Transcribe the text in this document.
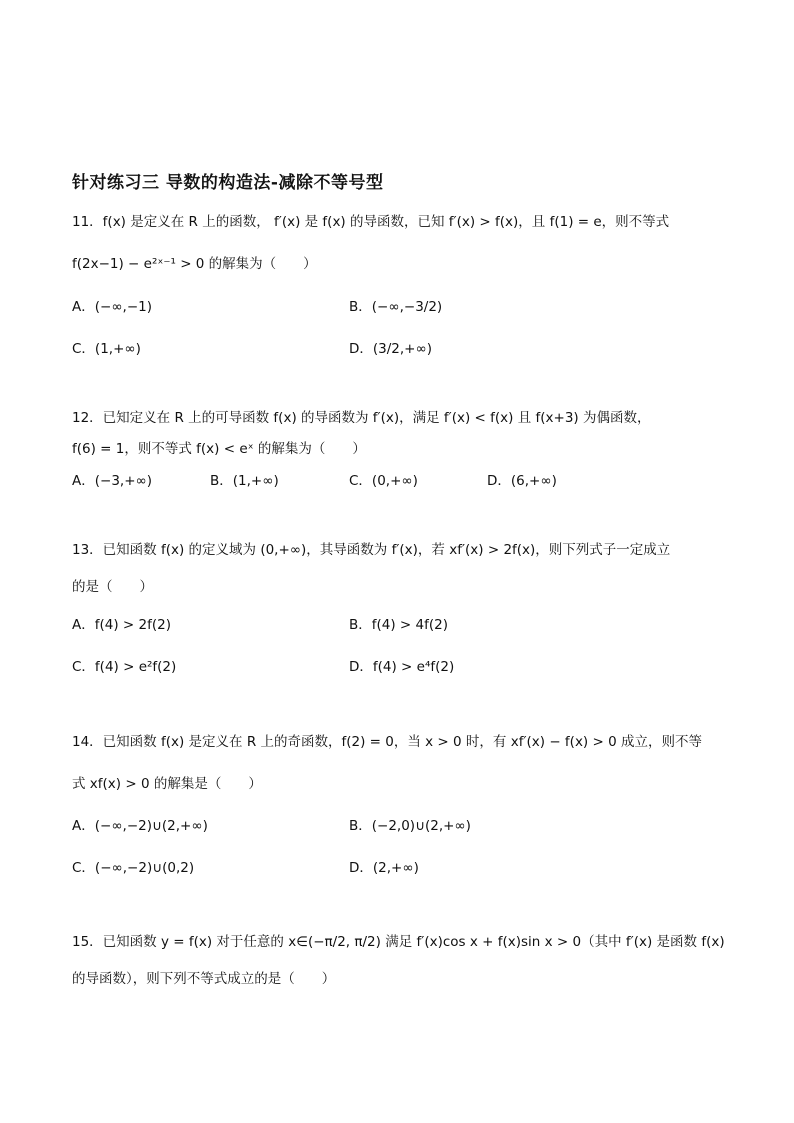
针对练习三 导数的构造法-减除不等号型
11．f(x) 是定义在 R 上的函数， f′(x) 是 f(x) 的导函数，已知 f′(x) > f(x)，且 f(1) = e，则不等式
f(2x−1) − e²ˣ⁻¹ > 0 的解集为（　　）
A．(−∞,−1)	B．(−∞,−3/2)
C．(1,+∞)	D．(3/2,+∞)
12．已知定义在 R 上的可导函数 f(x) 的导函数为 f′(x)，满足 f′(x) < f(x) 且 f(x+3) 为偶函数，
f(6) = 1，则不等式 f(x) < eˣ 的解集为（　　）
A．(−3,+∞)	B．(1,+∞)	C．(0,+∞)	D．(6,+∞)
13．已知函数 f(x) 的定义域为 (0,+∞)，其导函数为 f′(x)，若 xf′(x) > 2f(x)，则下列式子一定成立
的是（　　）
A．f(4) > 2f(2)	B．f(4) > 4f(2)
C．f(4) > e²f(2)	D．f(4) > e⁴f(2)
14．已知函数 f(x) 是定义在 R 上的奇函数，f(2) = 0，当 x > 0 时，有 xf′(x) − f(x) > 0 成立，则不等
式 xf(x) > 0 的解集是（　　）
A．(−∞,−2)∪(2,+∞)	B．(−2,0)∪(2,+∞)
C．(−∞,−2)∪(0,2)	D．(2,+∞)
15．已知函数 y = f(x) 对于任意的 x∈(−π/2, π/2) 满足 f′(x)cos x + f(x)sin x > 0（其中 f′(x) 是函数 f(x)
的导函数），则下列不等式成立的是（　　）
